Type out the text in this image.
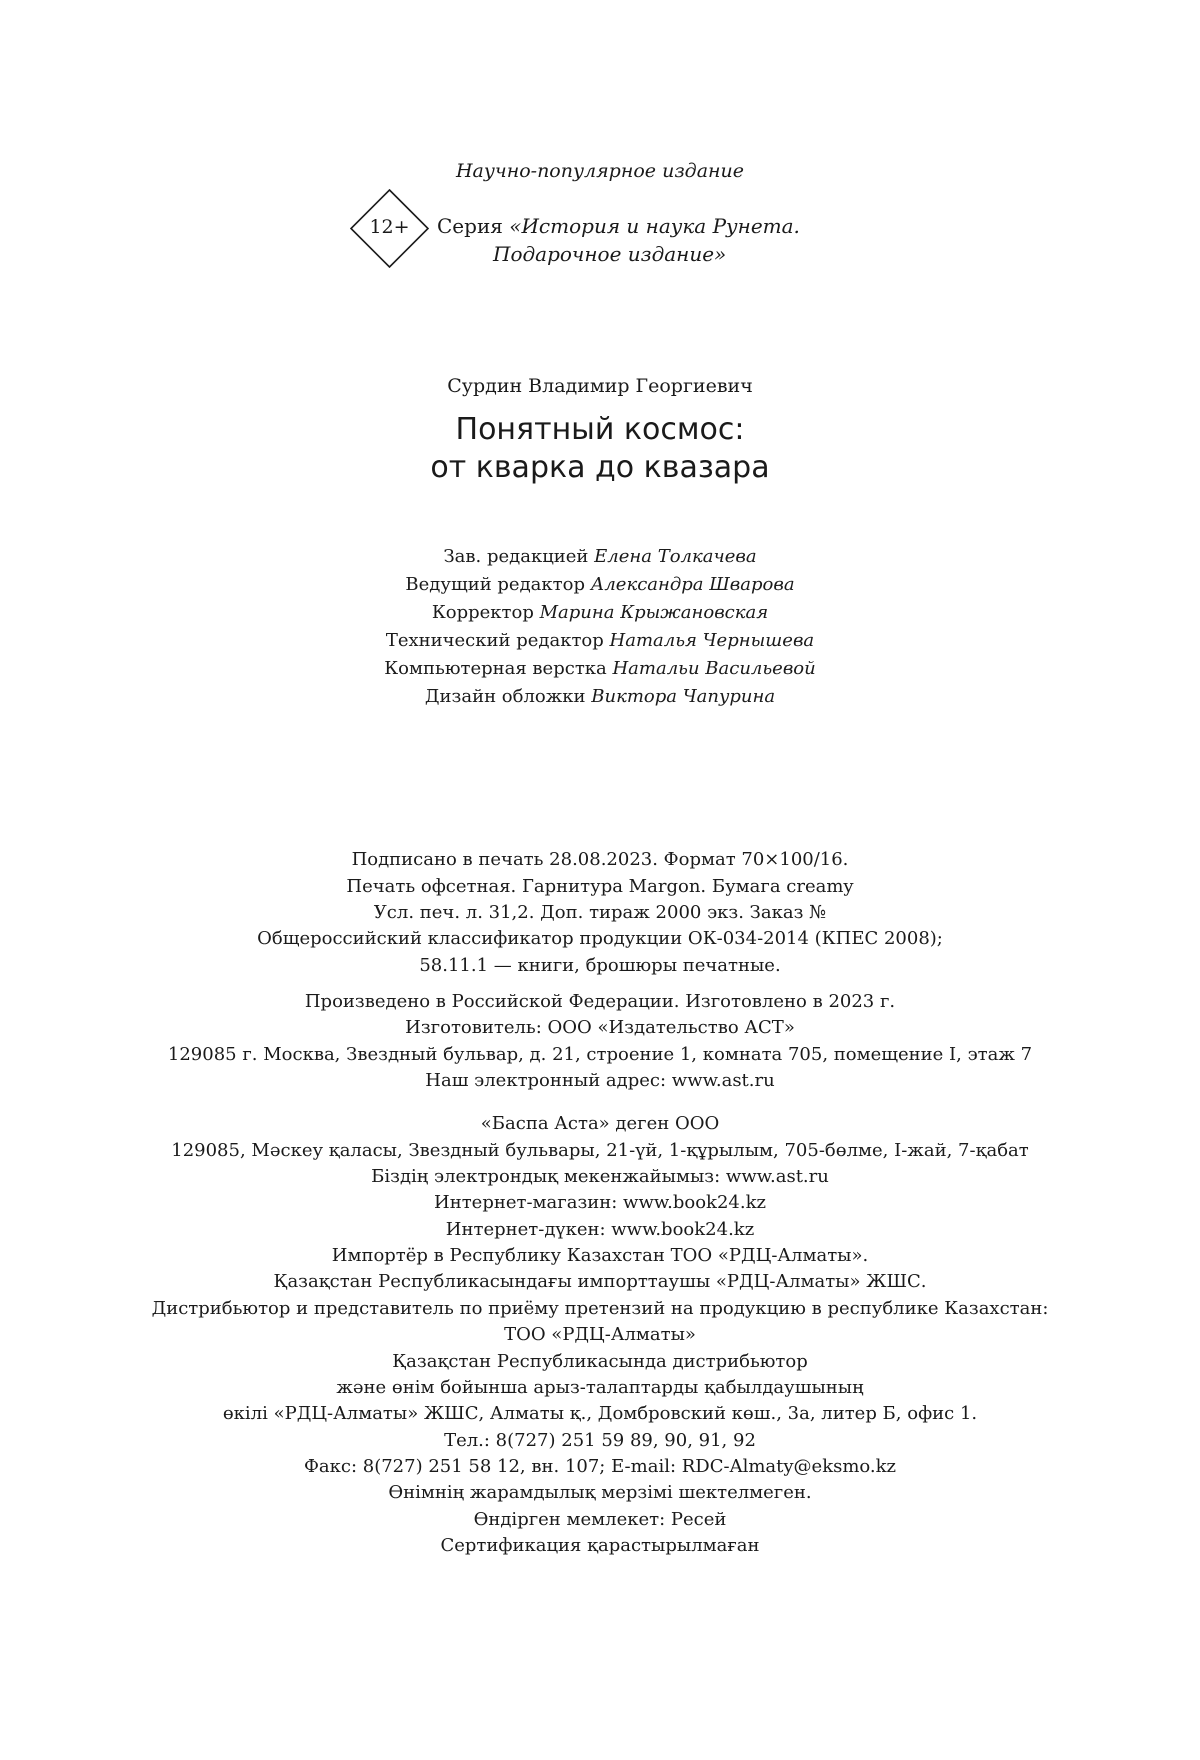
Научно-популярное издание
12+	Серия «История и наука Рунета.
Подарочное издание»
Сурдин Владимир Георгиевич
Понятный космос:
от кварка до квазара
Зав. редакцией Елена Толкачева
Ведущий редактор Александра Шварова
Корректор Марина Крыжановская
Технический редактор Наталья Чернышева
Компьютерная верстка Натальи Васильевой
Дизайн обложки Виктора Чапурина
Подписано в печать 28.08.2023. Формат 70×100/16.
Печать офсетная. Гарнитура Margon. Бумага creamy
Усл. печ. л. 31,2. Доп. тираж 2000 экз. Заказ №
Общероссийский классификатор продукции ОК-034-2014 (КПЕС 2008);
58.11.1 — книги, брошюры печатные.
Произведено в Российской Федерации. Изготовлено в 2023 г.
Изготовитель: ООО «Издательство АСТ»
129085 г. Москва, Звездный бульвар, д. 21, строение 1, комната 705, помещение I, этаж 7
Наш электронный адрес: www.ast.ru
«Баспа Аста» деген ООО
129085, Мәскеу қаласы, Звездный бульвары, 21-үй, 1-құрылым, 705-бөлме, I-жай, 7-қабат
Біздің электрондық мекенжайымыз: www.ast.ru
Интернет-магазин: www.book24.kz
Интернет-дүкен: www.book24.kz
Импортёр в Республику Казахстан ТОО «РДЦ-Алматы».
Қазақстан Республикасындағы импорттаушы «РДЦ-Алматы» ЖШС.
Дистрибьютор и представитель по приёму претензий на продукцию в республике Казахстан:
ТОО «РДЦ-Алматы»
Қазақстан Республикасында дистрибьютор
және өнім бойынша арыз-талаптарды қабылдаушының
өкілі «РДЦ-Алматы» ЖШС, Алматы қ., Домбровский көш., 3а, литер Б, офис 1.
Тел.: 8(727) 251 59 89, 90, 91, 92
Факс: 8(727) 251 58 12, вн. 107; E-mail: RDC-Almaty@eksmo.kz
Өнімнің жарамдылық мерзімі шектелмеген.
Өндірген мемлекет: Ресей
Сертификация қарастырылмаған
